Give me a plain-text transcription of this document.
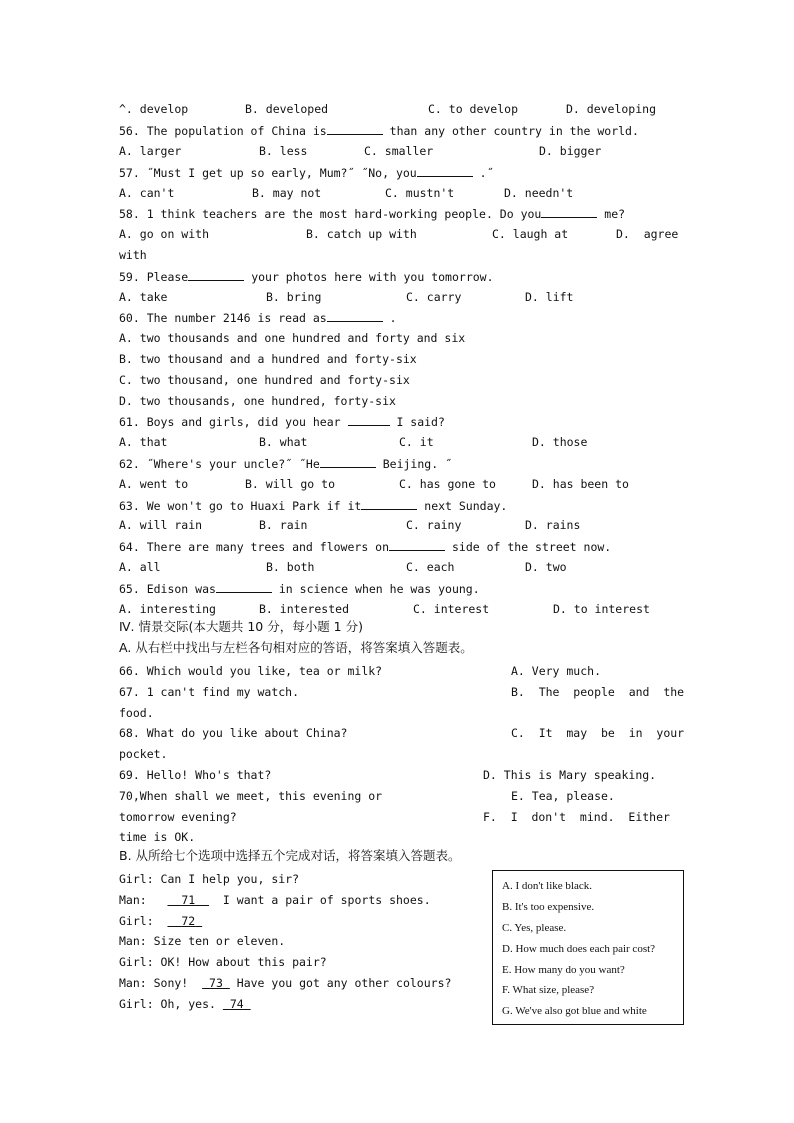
^. develop	B. developed	C. to develop	D. developing
56. The population of China is	than any other country in the world.
A. larger	B. less	C. smaller	D. bigger
57. ˝Must I get up so early, Mum?˝ ˝No, you	.˝
A. can't	B. may not	C. mustn't	D. needn't
58. 1 think teachers are the most hard-working people. Do you	me?
A. go on with	B. catch up with	C. laugh at	D.  agree
with
59. Please	your photos here with you tomorrow.
A. take	B. bring	C. carry	D. lift
60. The number 2146 is read as	.
A. two thousands and one hundred and forty and six
B. two thousand and a hundred and forty-six
C. two thousand, one hundred and forty-six
D. two thousands, one hundred, forty-six
61. Boys and girls, did you hear	I said?
A. that	B. what	C. it	D. those
62. ˝Where's your uncle?˝ ˝He	Beijing. ˝
A. went to	B. will go to	C. has gone to	D. has been to
63. We won't go to Huaxi Park if it	next Sunday.
A. will rain	B. rain	C. rainy	D. rains
64. There are many trees and flowers on	side of the street now.
A. all	B. both	C. each	D. two
65. Edison was	in science when he was young.
A. interesting	B. interested	C. interest	D. to interest
Ⅳ. 情景交际(本大题共 10 分，每小题 1 分)
A. 从右栏中找出与左栏各句相对应的答语，将答案填入答题表。
66. Which would you like, tea or milk?	A. Very much.
67. 1 can't find my watch.	B.  The  people  and  the
food.
68. What do you like about China?	C.  It  may  be  in  your
pocket.
69. Hello! Who's that?	D. This is Mary speaking.
70,When shall we meet, this evening or	E. Tea, please.
tomorrow evening?	F.  I  don't  mind.  Either
time is OK.
B. 从所给七个选项中选择五个完成对话，将答案填入答题表。
Girl: Can I help you, sir?
Man:	71 I want a pair of sports shoes.
Girl: 72
Man: Size ten or eleven.
Girl: OK! How about this pair?
Man: Sony! 73 Have you got any other colours?
Girl: Oh, yes. 74
A. I don't like black.
B. It's too expensive.
C. Yes, please.
D. How much does each pair cost?
E. How many do you want?
F. What size, please?
G. We've also got blue and white
